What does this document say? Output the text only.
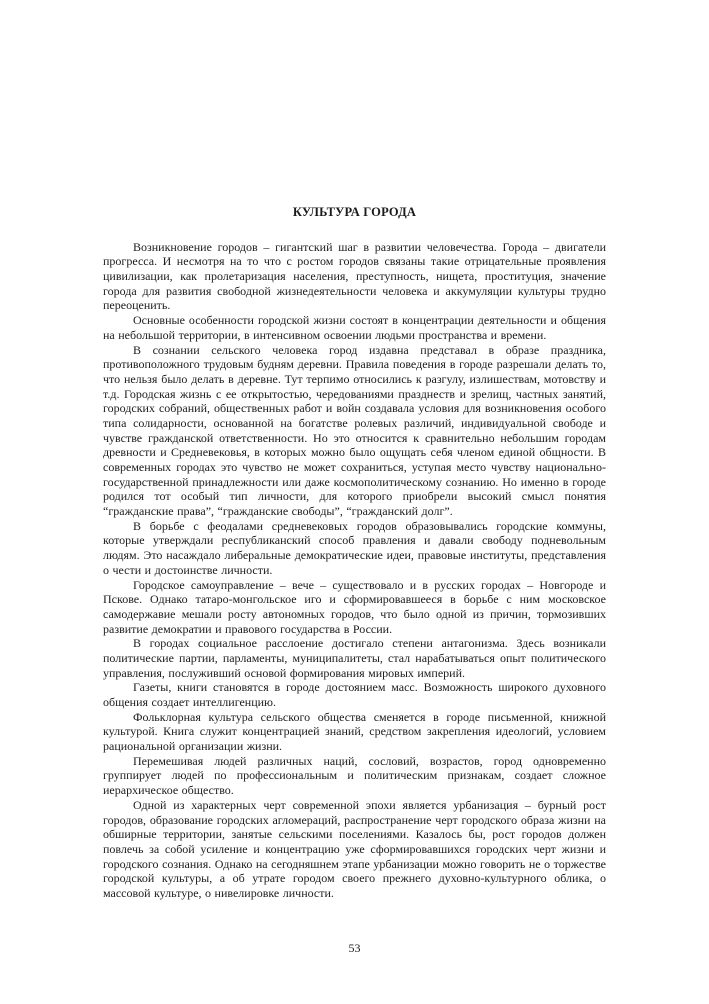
КУЛЬТУРА ГОРОДА

Возникновение городов – гигантский шаг в развитии человечества. Города – двигатели прогресса. И несмотря на то что с ростом городов связаны такие отрицательные проявления цивилизации, как пролетаризация населения, преступность, нищета, проституция, значение города для развития свободной жизнедеятельности человека и аккумуляции культуры трудно переоценить.

Основные особенности городской жизни состоят в концентрации деятельности и общения на небольшой территории, в интенсивном освоении людьми пространства и времени.

В сознании сельского человека город издавна представал в образе праздника, противоположного трудовым будням деревни. Правила поведения в городе разрешали делать то, что нельзя было делать в деревне. Тут терпимо относились к разгулу, излишествам, мотовству и т.д. Городская жизнь с ее открытостью, чередованиями празднеств и зрелищ, частных занятий, городских собраний, общественных работ и войн создавала условия для возникновения особого типа солидарности, основанной на богатстве ролевых различий, индивидуальной свободе и чувстве гражданской ответственности. Но это относится к сравнительно небольшим городам древности и Средневековья, в которых можно было ощущать себя членом единой общности. В современных городах это чувство не может сохраниться, уступая место чувству национально-государственной принадлежности или даже космополитическому сознанию. Но именно в городе родился тот особый тип личности, для которого приобрели высокий смысл понятия “гражданские права”, “гражданские свободы”, “гражданский долг”.

В борьбе с феодалами средневековых городов образовывались городские коммуны, которые утверждали республиканский способ правления и давали свободу подневольным людям. Это насаждало либеральные демократические идеи, правовые институты, представления о чести и достоинстве личности.

Городское самоуправление – вече – существовало и в русских городах – Новгороде и Пскове. Однако татаро-монгольское иго и сформировавшееся в борьбе с ним московское самодержавие мешали росту автономных городов, что было одной из причин, тормозивших развитие демократии и правового государства в России.

В городах социальное расслоение достигало степени антагонизма. Здесь возникали политические партии, парламенты, муниципалитеты, стал нарабатываться опыт политического управления, послуживший основой формирования мировых империй.

Газеты, книги становятся в городе достоянием масс. Возможность широкого духовного общения создает интеллигенцию.

Фольклорная культура сельского общества сменяется в городе письменной, книжной культурой. Книга служит концентрацией знаний, средством закрепления идеологий, условием рациональной организации жизни.

Перемешивая людей различных наций, сословий, возрастов, город одновременно группирует людей по профессиональным и политическим признакам, создает сложное иерархическое общество.

Одной из характерных черт современной эпохи является урбанизация – бурный рост городов, образование городских агломераций, распространение черт городского образа жизни на обширные территории, занятые сельскими поселениями. Казалось бы, рост городов должен повлечь за собой усиление и концентрацию уже сформировавшихся городских черт жизни и городского сознания. Однако на сегодняшнем этапе урбанизации можно говорить не о торжестве городской культуры, а об утрате городом своего прежнего духовно-культурного облика, о массовой культуре, о нивелировке личности.

53
